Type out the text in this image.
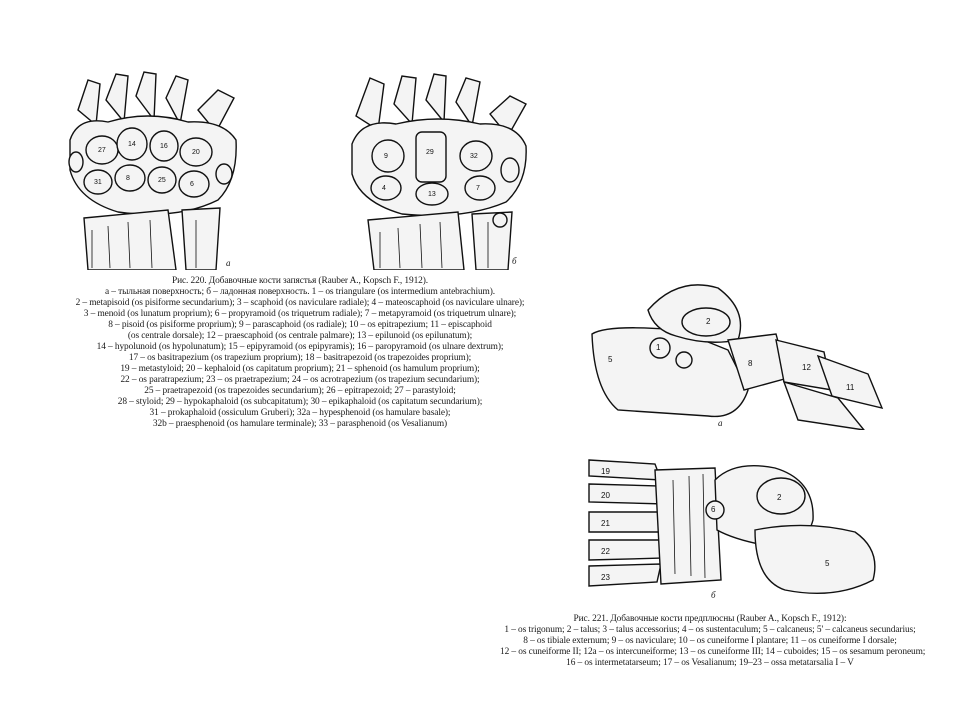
27
14	16
20
31
8	25
6
а
29
9	32
4
13
7
б
Рис. 220. Добавочные кости запястья (Rauber A., Kopsch F., 1912).
а – тыльная поверхность; б – ладонная поверхность. 1 – os triangulare (os intermedium antebrachium).
2 – metapisoid (os pisiforme secundarium); 3 – scaphoid (os naviculare radiale); 4 – mateoscaphoid (os naviculare ulnare);
3 – menoid (os lunatum proprium); 6 – propyramoid (os triquetrum radiale); 7 – metapyramoid (os triquetrum ulnare);
8 – pisoid (os pisiforme proprium); 9 – parascaphoid (os radiale); 10 – os epitrapezium; 11 – episcaphoid
(os centrale dorsale); 12 – praescaphoid (os centrale palmare); 13 – epilunoid (os epilunatum);
14 – hypolunoid (os hypolunatum); 15 – epipyramoid (os epipyramis); 16 – paropyramoid (os ulnare dextrum);
17 – os basitrapezium (os trapezium proprium); 18 – basitrapezoid (os trapezoides proprium);
19 – metastyloid; 20 – kephaloid (os capitatum proprium); 21 – sphenoid (os hamulum proprium);
22 – os paratrapezium; 23 – os praetrapezium; 24 – os acrotrapezium (os trapezium secundarium);
25 – praetrapezoid (os trapezoides secundarium); 26 – epitrapezoid; 27 – parastyloid;
28 – styloid; 29 – hypokaphaloid (os subcapitatum); 30 – epikaphaloid (os capitatum secundarium);
31 – prokaphaloid (ossiculum Gruberi); 32a – hypesphenoid (os hamulare basale);
32b – praesphenoid (os hamulare terminale); 33 – parasphenoid (os Vesalianum)
5
1
2
8	12
11
а
19
20
21
22
23
2
6
5
б
Рис. 221. Добавочные кости предплюсны (Rauber A., Kopsch F., 1912):
1 – os trigonum; 2 – talus; 3 – talus accessorius; 4 – os sustentaculum; 5 – calcaneus; 5' – calcaneus secundarius;
8 – os tibiale externum; 9 – os naviculare; 10 – os cuneiforme I plantare; 11 – os cuneiforme I dorsale;
12 – os cuneiforme II; 12a – os intercuneiforme; 13 – os cuneiforme III; 14 – cuboides; 15 – os sesamum peroneum;
16 – os intermetatarseum; 17 – os Vesalianum; 19–23 – ossa metatarsalia I – V
